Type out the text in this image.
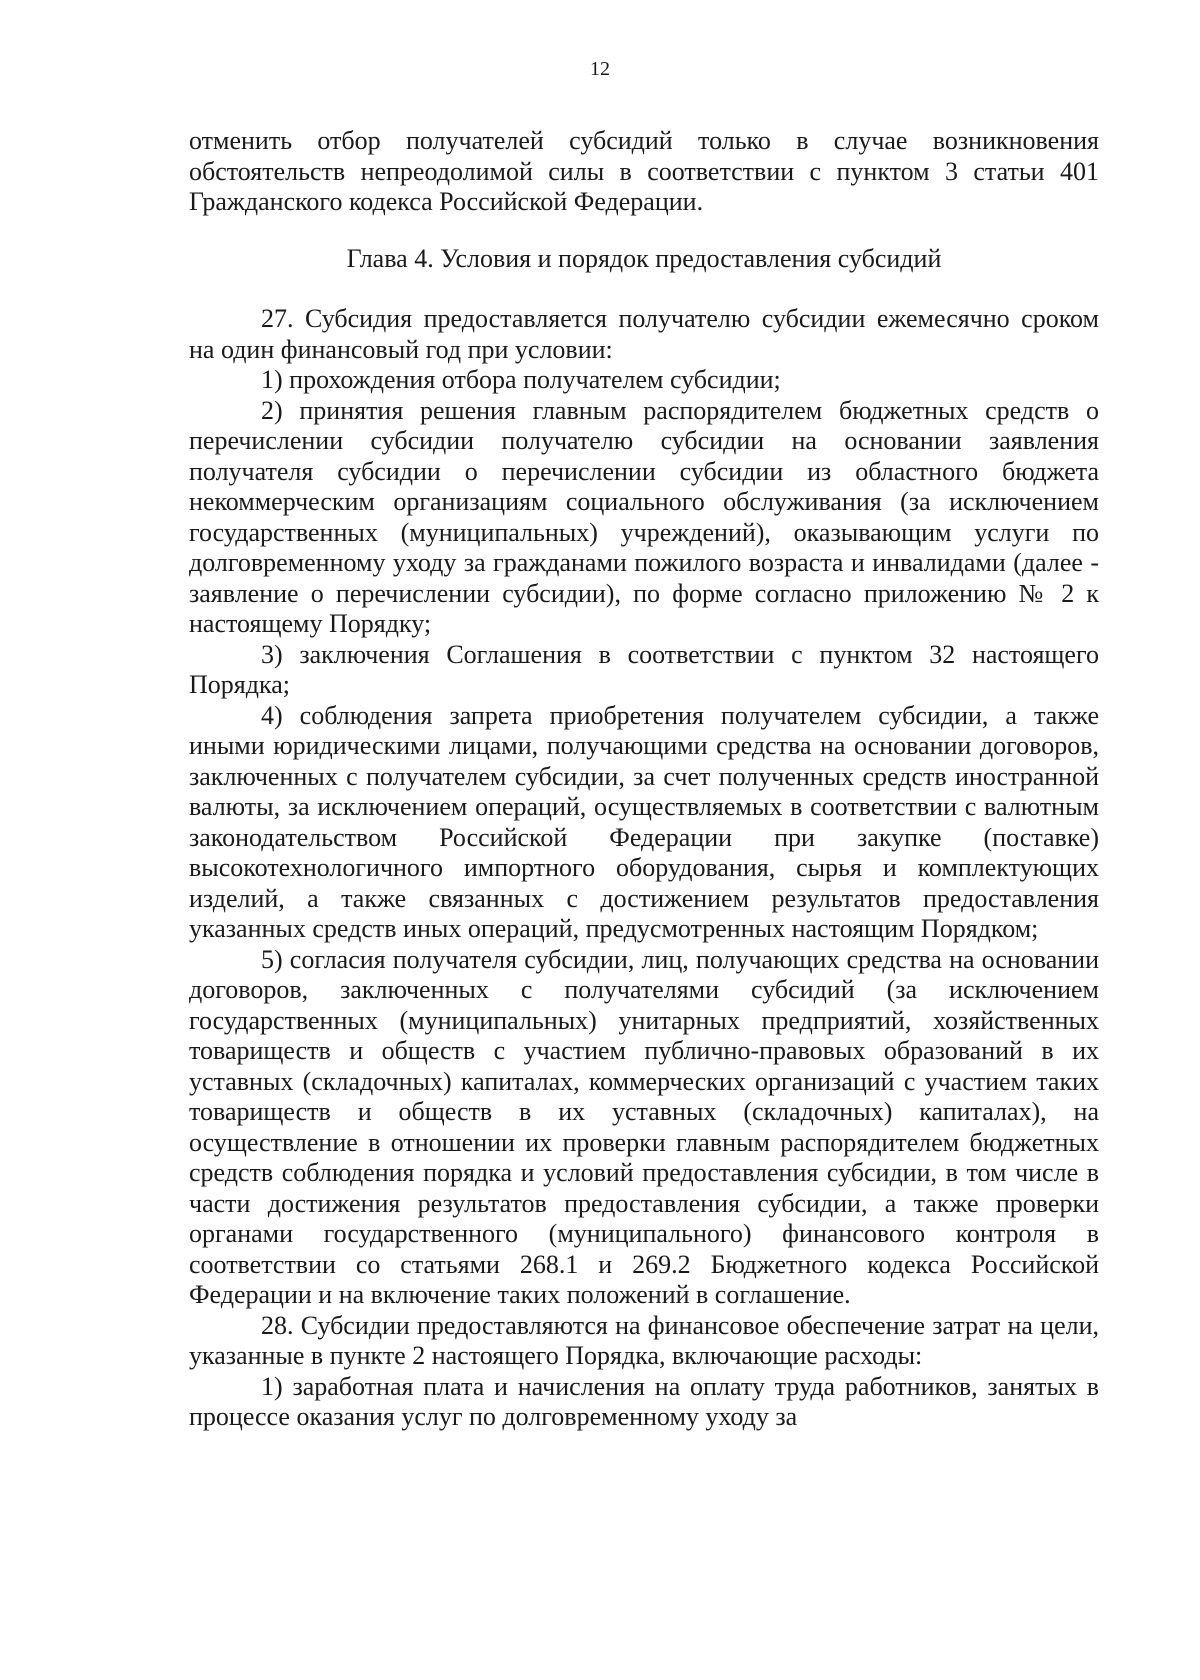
12

отменить отбор получателей субсидий только в случае возникновения обстоятельств непреодолимой силы в соответствии с пунктом 3 статьи 401 Гражданского кодекса Российской Федерации.

Глава 4. Условия и порядок предоставления субсидий

27. Субсидия предоставляется получателю субсидии ежемесячно сроком на один финансовый год при условии:

1) прохождения отбора получателем субсидии;

2) принятия решения главным распорядителем бюджетных средств о перечислении субсидии получателю субсидии на основании заявления получателя субсидии о перечислении субсидии из областного бюджета некоммерческим организациям социального обслуживания (за исключением государственных (муниципальных) учреждений), оказывающим услуги по долговременному уходу за гражданами пожилого возраста и инвалидами (далее - заявление о перечислении субсидии), по форме согласно приложению № 2 к настоящему Порядку;

3) заключения Соглашения в соответствии с пунктом 32 настоящего Порядка;

4) соблюдения запрета приобретения получателем субсидии, а также иными юридическими лицами, получающими средства на основании договоров, заключенных с получателем субсидии, за счет полученных средств иностранной валюты, за исключением операций, осуществляемых в соответствии с валютным законодательством Российской Федерации при закупке (поставке) высокотехнологичного импортного оборудования, сырья и комплектующих изделий, а также связанных с достижением результатов предоставления указанных средств иных операций, предусмотренных настоящим Порядком;

5) согласия получателя субсидии, лиц, получающих средства на основании договоров, заключенных с получателями субсидий (за исключением государственных (муниципальных) унитарных предприятий, хозяйственных товариществ и обществ с участием публично-правовых образований в их уставных (складочных) капиталах, коммерческих организаций с участием таких товариществ и обществ в их уставных (складочных) капиталах), на осуществление в отношении их проверки главным распорядителем бюджетных средств соблюдения порядка и условий предоставления субсидии, в том числе в части достижения результатов предоставления субсидии, а также проверки органами государственного (муниципального) финансового контроля в соответствии со статьями 268.1 и 269.2 Бюджетного кодекса Российской Федерации и на включение таких положений в соглашение.

28. Субсидии предоставляются на финансовое обеспечение затрат на цели, указанные в пункте 2 настоящего Порядка, включающие расходы:

1) заработная плата и начисления на оплату труда работников, занятых в процессе оказания услуг по долговременному уходу за
